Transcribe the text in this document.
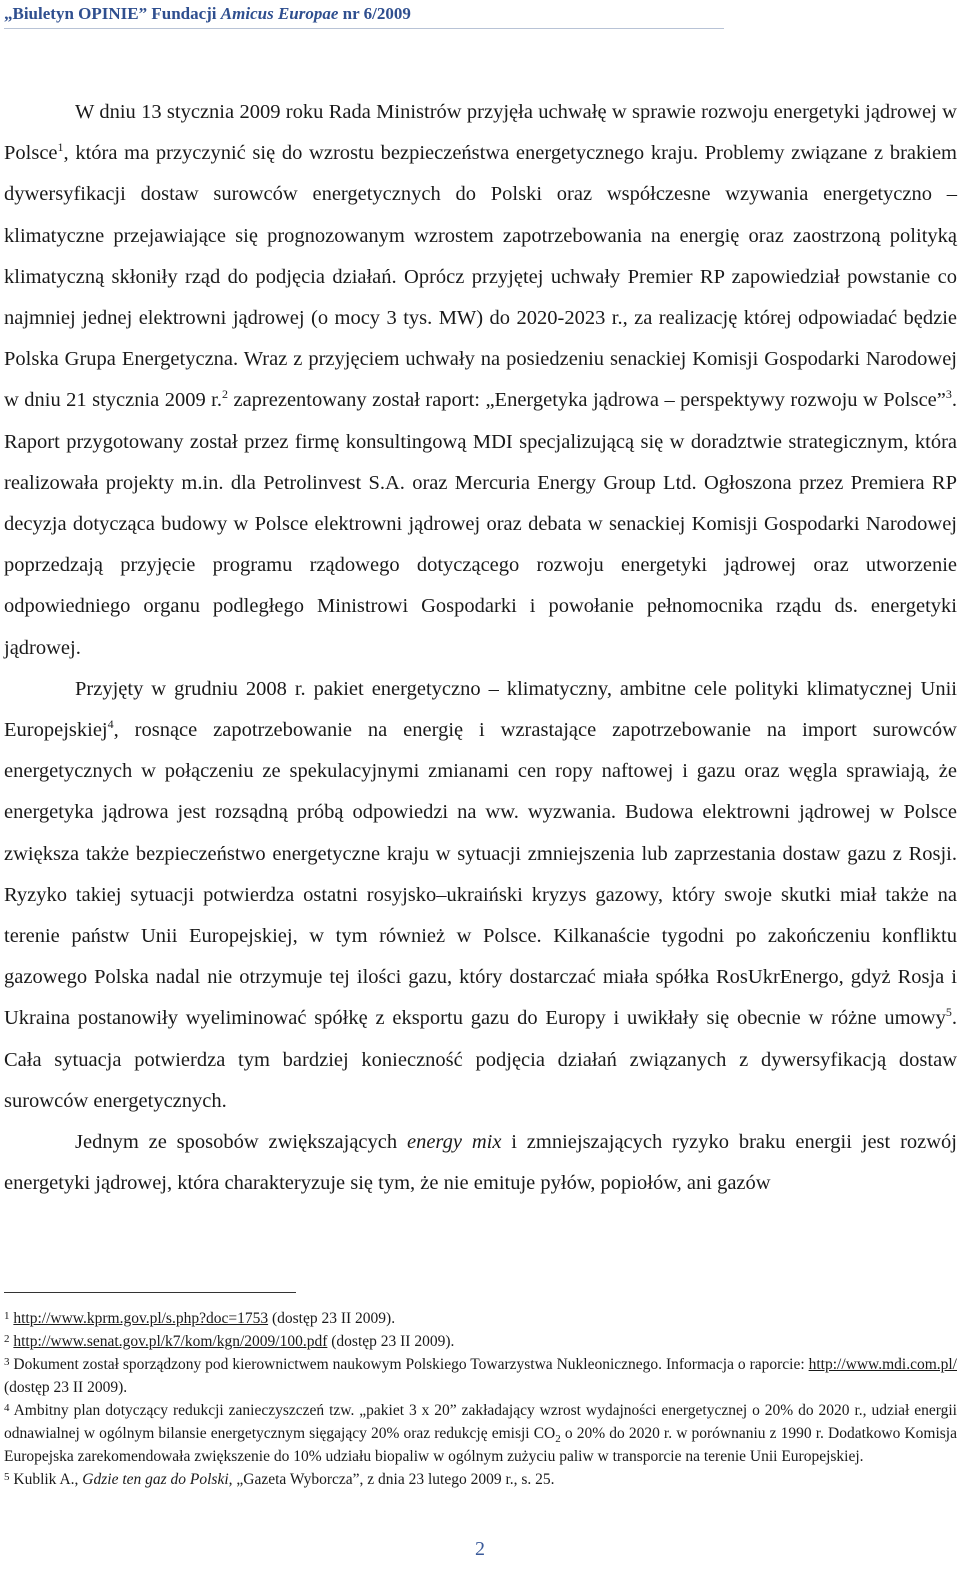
„Biuletyn OPINIE” Fundacji Amicus Europae nr 6/2009

W dniu 13 stycznia 2009 roku Rada Ministrów przyjęła uchwałę w sprawie rozwoju energetyki jądrowej w Polsce$^1$, która ma przyczynić się do wzrostu bezpieczeństwa energetycznego kraju. Problemy związane z brakiem dywersyfikacji dostaw surowców energetycznych do Polski oraz współczesne wzywania energetyczno – klimatyczne przejawiające się prognozowanym wzrostem zapotrzebowania na energię oraz zaostrzoną polityką klimatyczną skłoniły rząd do podjęcia działań. Oprócz przyjętej uchwały Premier RP zapowiedział powstanie co najmniej jednej elektrowni jądrowej (o mocy 3 tys. MW) do 2020-2023 r., za realizację której odpowiadać będzie Polska Grupa Energetyczna. Wraz z przyjęciem uchwały na posiedzeniu senackiej Komisji Gospodarki Narodowej w dniu 21 stycznia 2009 r.$^2$ zaprezentowany został raport: „Energetyka jądrowa – perspektywy rozwoju w Polsce”$^3$. Raport przygotowany został przez firmę konsultingową MDI specjalizującą się w doradztwie strategicznym, która realizowała projekty m.in. dla Petrolinvest S.A. oraz Mercuria Energy Group Ltd. Ogłoszona przez Premiera RP decyzja dotycząca budowy w Polsce elektrowni jądrowej oraz debata w senackiej Komisji Gospodarki Narodowej poprzedzają przyjęcie programu rządowego dotyczącego rozwoju energetyki jądrowej oraz utworzenie odpowiedniego organu podległego Ministrowi Gospodarki i powołanie pełnomocnika rządu ds. energetyki jądrowej.

Przyjęty w grudniu 2008 r. pakiet energetyczno – klimatyczny, ambitne cele polityki klimatycznej Unii Europejskiej$^4$, rosnące zapotrzebowanie na energię i wzrastające zapotrzebowanie na import surowców energetycznych w połączeniu ze spekulacyjnymi zmianami cen ropy naftowej i gazu oraz węgla sprawiają, że energetyka jądrowa jest rozsądną próbą odpowiedzi na ww. wyzwania. Budowa elektrowni jądrowej w Polsce zwiększa także bezpieczeństwo energetyczne kraju w sytuacji zmniejszenia lub zaprzestania dostaw gazu z Rosji. Ryzyko takiej sytuacji potwierdza ostatni rosyjsko–ukraiński kryzys gazowy, który swoje skutki miał także na terenie państw Unii Europejskiej, w tym również w Polsce. Kilkanaście tygodni po zakończeniu konfliktu gazowego Polska nadal nie otrzymuje tej ilości gazu, który dostarczać miała spółka RosUkrEnergo, gdyż Rosja i Ukraina postanowiły wyeliminować spółkę z eksportu gazu do Europy i uwikłały się obecnie w różne umowy$^5$. Cała sytuacja potwierdza tym bardziej konieczność podjęcia działań związanych z dywersyfikacją dostaw surowców energetycznych.

Jednym ze sposobów zwiększających energy mix i zmniejszających ryzyko braku energii jest rozwój energetyki jądrowej, która charakteryzuje się tym, że nie emituje pyłów, popiołów, ani gazów

$^1$ http://www.kprm.gov.pl/s.php?doc=1753 (dostęp 23 II 2009).

$^2$ http://www.senat.gov.pl/k7/kom/kgn/2009/100.pdf (dostęp 23 II 2009).

$^3$ Dokument został sporządzony pod kierownictwem naukowym Polskiego Towarzystwa Nukleonicznego. Informacja o raporcie: http://www.mdi.com.pl/ (dostęp 23 II 2009).

$^4$ Ambitny plan dotyczący redukcji zanieczyszczeń tzw. „pakiet 3 x 20” zakładający wzrost wydajności energetycznej o 20% do 2020 r., udział energii odnawialnej w ogólnym bilansie energetycznym sięgający 20% oraz redukcję emisji $CO_2$ o 20% do 2020 r. w porównaniu z 1990 r. Dodatkowo Komisja Europejska zarekomendowała zwiększenie do 10% udziału biopaliw w ogólnym zużyciu paliw w transporcie na terenie Unii Europejskiej.

$^5$ Kublik A., Gdzie ten gaz do Polski, „Gazeta Wyborcza”, z dnia 23 lutego 2009 r., s. 25.

2
